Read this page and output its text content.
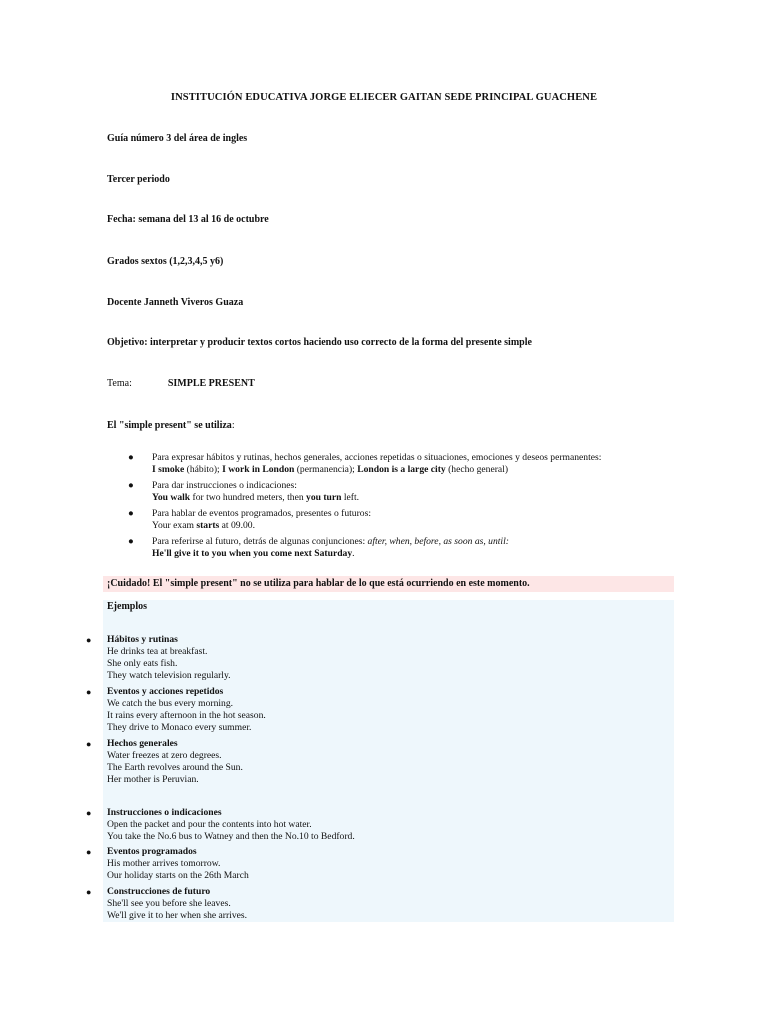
INSTITUCIÓN EDUCATIVA JORGE ELIECER GAITAN SEDE PRINCIPAL GUACHENE
Guía número 3 del área de ingles
Tercer periodo
Fecha: semana del 13 al 16 de octubre
Grados sextos (1,2,3,4,5 y6)
Docente Janneth Viveros Guaza
Objetivo: interpretar y producir textos cortos haciendo uso correcto de la forma del presente simple
Tema:	SIMPLE PRESENT
El "simple present" se utiliza:
● Para expresar hábitos y rutinas, hechos generales, acciones repetidas o situaciones, emociones y deseos permanentes:
I smoke (hábito); I work in London (permanencia); London is a large city (hecho general)
● Para dar instrucciones o indicaciones:
You walk for two hundred meters, then you turn left.
● Para hablar de eventos programados, presentes o futuros:
Your exam starts at 09.00.
● Para referirse al futuro, detrás de algunas conjunciones: after, when, before, as soon as, until:
He'll give it to you when you come next Saturday.
¡Cuidado! El "simple present" no se utiliza para hablar de lo que está ocurriendo en este momento.
Ejemplos
● Hábitos y rutinas
He drinks tea at breakfast.
She only eats fish.
They watch television regularly.
● Eventos y acciones repetidos
We catch the bus every morning.
It rains every afternoon in the hot season.
They drive to Monaco every summer.
● Hechos generales
Water freezes at zero degrees.
The Earth revolves around the Sun.
Her mother is Peruvian.
● Instrucciones o indicaciones
Open the packet and pour the contents into hot water.
You take the No.6 bus to Watney and then the No.10 to Bedford.
● Eventos programados
His mother arrives tomorrow.
Our holiday starts on the 26th March
● Construcciones de futuro
She'll see you before she leaves.
We'll give it to her when she arrives.
